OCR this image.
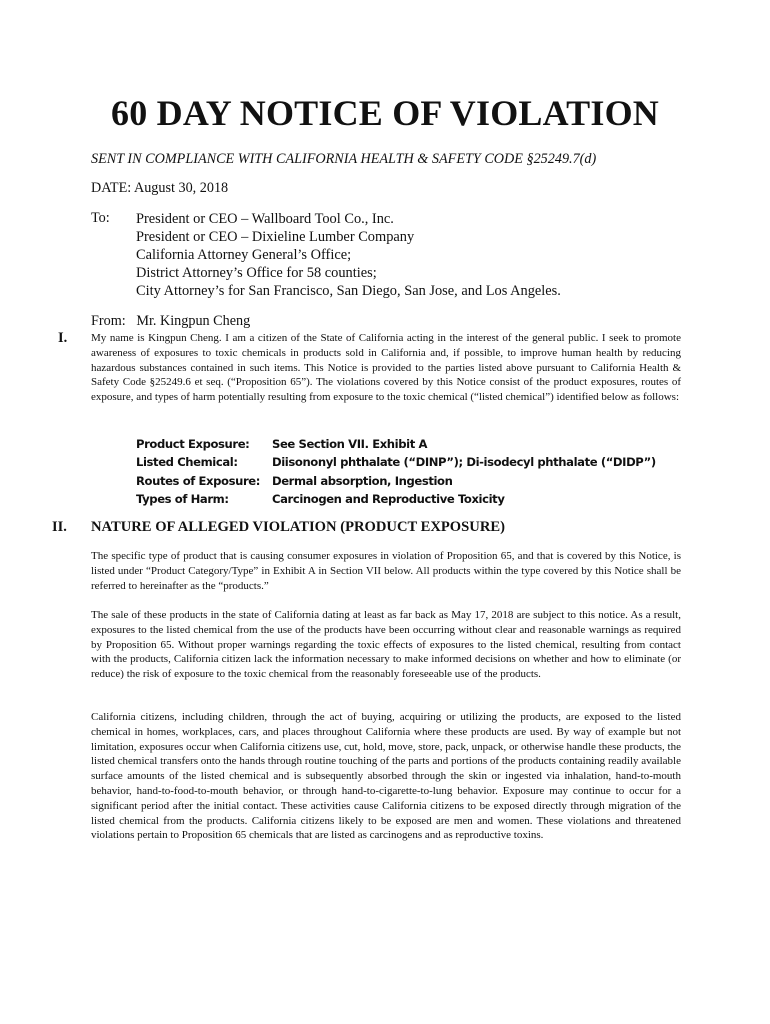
60 DAY NOTICE OF VIOLATION
SENT IN COMPLIANCE WITH CALIFORNIA HEALTH & SAFETY CODE §25249.7(d)
DATE: August 30, 2018
To: President or CEO – Wallboard Tool Co., Inc.
President or CEO – Dixieline Lumber Company
California Attorney General’s Office;
District Attorney’s Office for 58 counties;
City Attorney’s for San Francisco, San Diego, San Jose, and Los Angeles.
From:   Mr. Kingpun Cheng
I. My name is Kingpun Cheng. I am a citizen of the State of California acting in the interest of the general public. I seek to promote awareness of exposures to toxic chemicals in products sold in California and, if possible, to improve human health by reducing hazardous substances contained in such items. This Notice is provided to the parties listed above pursuant to California Health & Safety Code §25249.6 et seq. (“Proposition 65”). The violations covered by this Notice consist of the product exposures, routes of exposure, and types of harm potentially resulting from exposure to the toxic chemical (“listed chemical”) identified below as follows:

Product Exposure:	See Section VII. Exhibit A
Listed Chemical:	Diisononyl phthalate (“DINP”); Di-isodecyl phthalate (“DIDP”)
Routes of Exposure:	Dermal absorption, Ingestion
Types of Harm:	Carcinogen and Reproductive Toxicity
II. NATURE OF ALLEGED VIOLATION (PRODUCT EXPOSURE)

The specific type of product that is causing consumer exposures in violation of Proposition 65, and that is covered by this Notice, is listed under “Product Category/Type” in Exhibit A in Section VII below. All products within the type covered by this Notice shall be referred to hereinafter as the “products.”

The sale of these products in the state of California dating at least as far back as May 17, 2018 are subject to this notice. As a result, exposures to the listed chemical from the use of the products have been occurring without clear and reasonable warnings as required by Proposition 65. Without proper warnings regarding the toxic effects of exposures to the listed chemical, resulting from contact with the products, California citizen lack the information necessary to make informed decisions on whether and how to eliminate (or reduce) the risk of exposure to the toxic chemical from the reasonably foreseeable use of the products.

California citizens, including children, through the act of buying, acquiring or utilizing the products, are exposed to the listed chemical in homes, workplaces, cars, and places throughout California where these products are used. By way of example but not limitation, exposures occur when California citizens use, cut, hold, move, store, pack, unpack, or otherwise handle these products, the listed chemical transfers onto the hands through routine touching of the parts and portions of the products containing readily available surface amounts of the listed chemical and is subsequently absorbed through the skin or ingested via inhalation, hand-to-mouth behavior, hand-to-food-to-mouth behavior, or through hand-to-cigarette-to-lung behavior. Exposure may continue to occur for a significant period after the initial contact. These activities cause California citizens to be exposed directly through migration of the listed chemical from the products. California citizens likely to be exposed are men and women. These violations and threatened violations pertain to Proposition 65 chemicals that are listed as carcinogens and as reproductive toxins.
